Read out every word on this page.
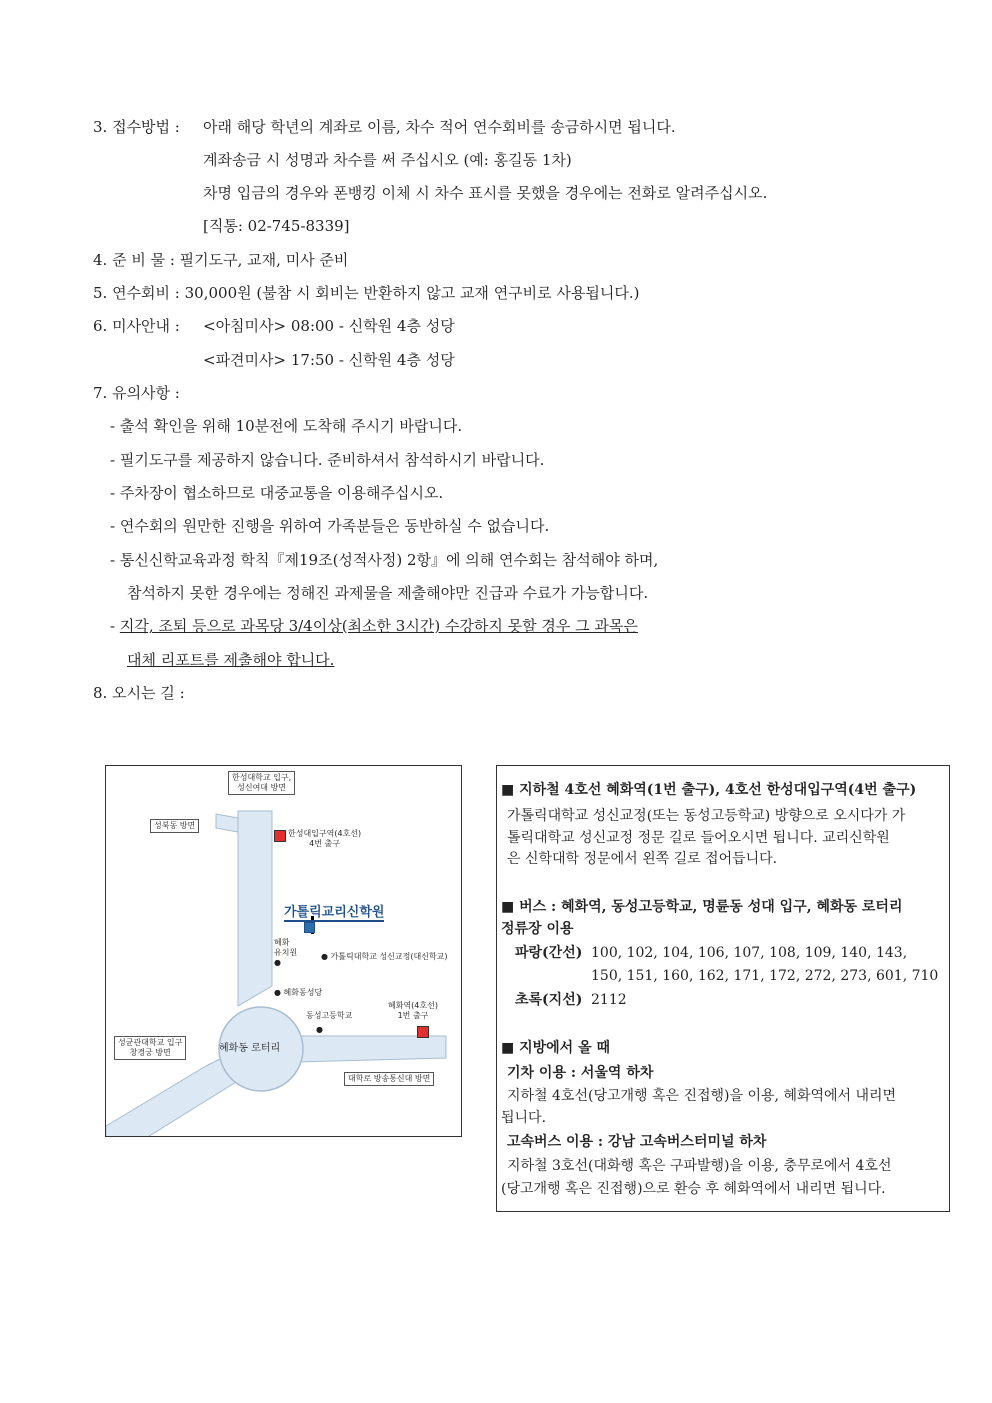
3. 접수방법 : 아래 해당 학년의 계좌로 이름, 차수 적어 연수회비를 송금하시면 됩니다.
계좌송금 시 성명과 차수를 써 주십시오 (예: 홍길동 1차)
차명 입금의 경우와 폰뱅킹 이체 시 차수 표시를 못했을 경우에는 전화로 알려주십시오.
[직통: 02-745-8339]
4. 준 비 물 : 필기도구, 교재, 미사 준비
5. 연수회비 : 30,000원 (불참 시 회비는 반환하지 않고 교재 연구비로 사용됩니다.)
6. 미사안내 : <아침미사> 08:00 - 신학원 4층 성당
<파견미사> 17:50 - 신학원 4층 성당
7. 유의사항 :
- 출석 확인을 위해 10분전에 도착해 주시기 바랍니다.
- 필기도구를 제공하지 않습니다. 준비하셔서 참석하시기 바랍니다.
- 주차장이 협소하므로 대중교통을 이용해주십시오.
- 연수회의 원만한 진행을 위하여 가족분들은 동반하실 수 없습니다.
- 통신신학교육과정 학칙『제19조(성적사정) 2항』에 의해 연수회는 참석해야 하며,
참석하지 못한 경우에는 정해진 과제물을 제출해야만 진급과 수료가 가능합니다.
- 지각, 조퇴 등으로 과목당 3/4이상(최소한 3시간) 수강하지 못할 경우 그 과목은
대체 리포트를 제출해야 합니다.
8. 오시는 길 :
한성대학교 입구,
성신여대 방면
성북동 방면
한성대입구역(4호선)
4번 출구
가톨릭교리신학원
혜화
유치원
●
● 가톨릭대학교 성신교정(대신학교)
● 혜화동성당
동성고등학교
●
혜화역(4호선)
1번 출구
혜화동 로터리
성균관대학교 입구
창경궁 방면
대학로 방송통신대 방면
■ 지하철 4호선 혜화역(1번 출구), 4호선 한성대입구역(4번 출구)
가톨릭대학교 성신교정(또는 동성고등학교) 방향으로 오시다가 가
톨릭대학교 성신교정 정문 길로 들어오시면 됩니다. 교리신학원
은 신학대학 정문에서 왼쪽 길로 접어듭니다.
■ 버스 : 혜화역, 동성고등학교, 명륜동 성대 입구, 혜화동 로터리
정류장 이용
파랑(간선) 100, 102, 104, 106, 107, 108, 109, 140, 143,
150, 151, 160, 162, 171, 172, 272, 273, 601, 710
초록(지선) 2112
■ 지방에서 올 때
기차 이용 : 서울역 하차
지하철 4호선(당고개행 혹은 진접행)을 이용, 혜화역에서 내리면
됩니다.
고속버스 이용 : 강남 고속버스터미널 하차
지하철 3호선(대화행 혹은 구파발행)을 이용, 충무로에서 4호선
(당고개행 혹은 진접행)으로 환승 후 혜화역에서 내리면 됩니다.
